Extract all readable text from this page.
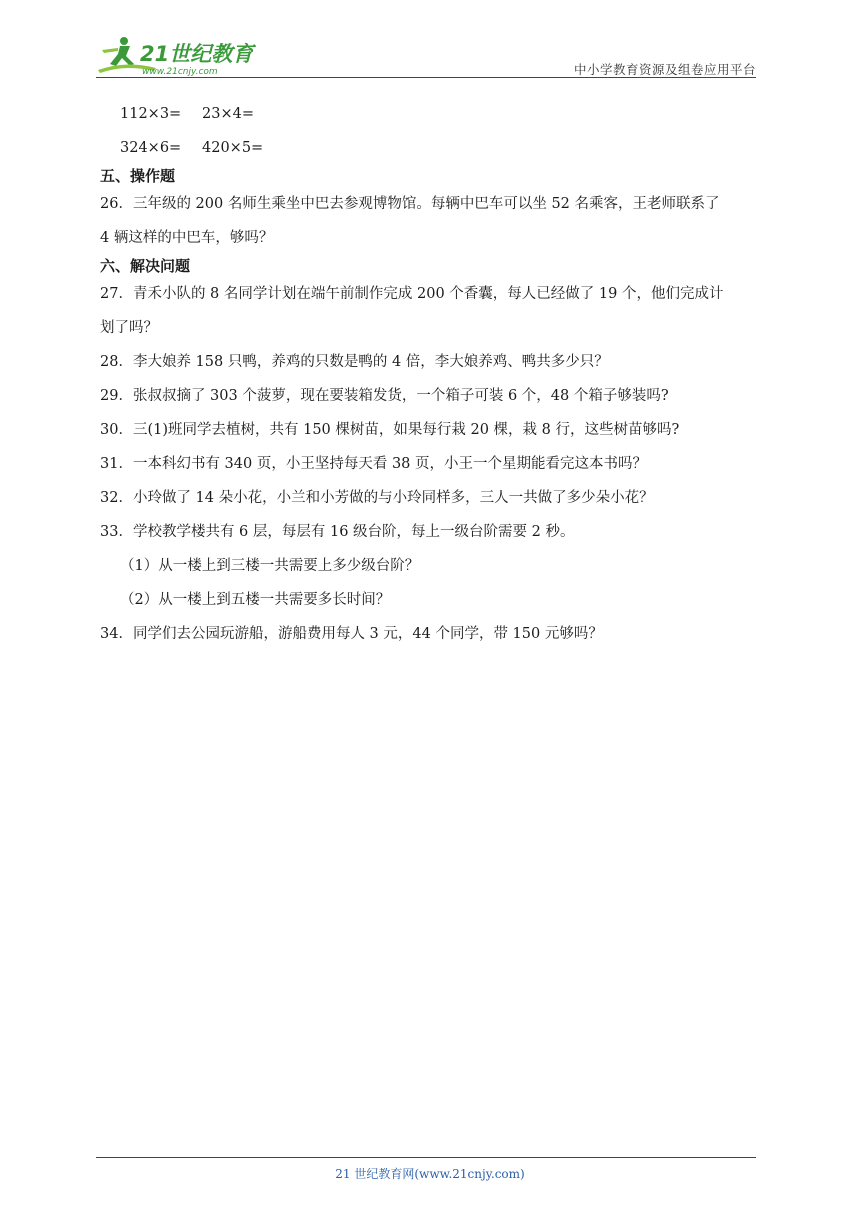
21世纪教育
www.21cnjy.com	中小学教育资源及组卷应用平台
112×3= 23×4=
324×6= 420×5=
五、操作题
26．三年级的 200 名师生乘坐中巴去参观博物馆。每辆中巴车可以坐 52 名乘客，王老师联系了
4 辆这样的中巴车，够吗？
六、解决问题
27．青禾小队的 8 名同学计划在端午前制作完成 200 个香囊，每人已经做了 19 个，他们完成计
划了吗？
28．李大娘养 158 只鸭，养鸡的只数是鸭的 4 倍，李大娘养鸡、鸭共多少只？
29．张叔叔摘了 303 个菠萝，现在要装箱发货，一个箱子可装 6 个，48 个箱子够装吗?
30．三(1)班同学去植树，共有 150 棵树苗，如果每行栽 20 棵，栽 8 行，这些树苗够吗?
31．一本科幻书有 340 页，小王坚持每天看 38 页，小王一个星期能看完这本书吗？
32．小玲做了 14 朵小花，小兰和小芳做的与小玲同样多，三人一共做了多少朵小花？
33．学校教学楼共有 6 层，每层有 16 级台阶，每上一级台阶需要 2 秒。
（1）从一楼上到三楼一共需要上多少级台阶？
（2）从一楼上到五楼一共需要多长时间？
34．同学们去公园玩游船，游船费用每人 3 元，44 个同学，带 150 元够吗？
21 世纪教育网(www.21cnjy.com)
